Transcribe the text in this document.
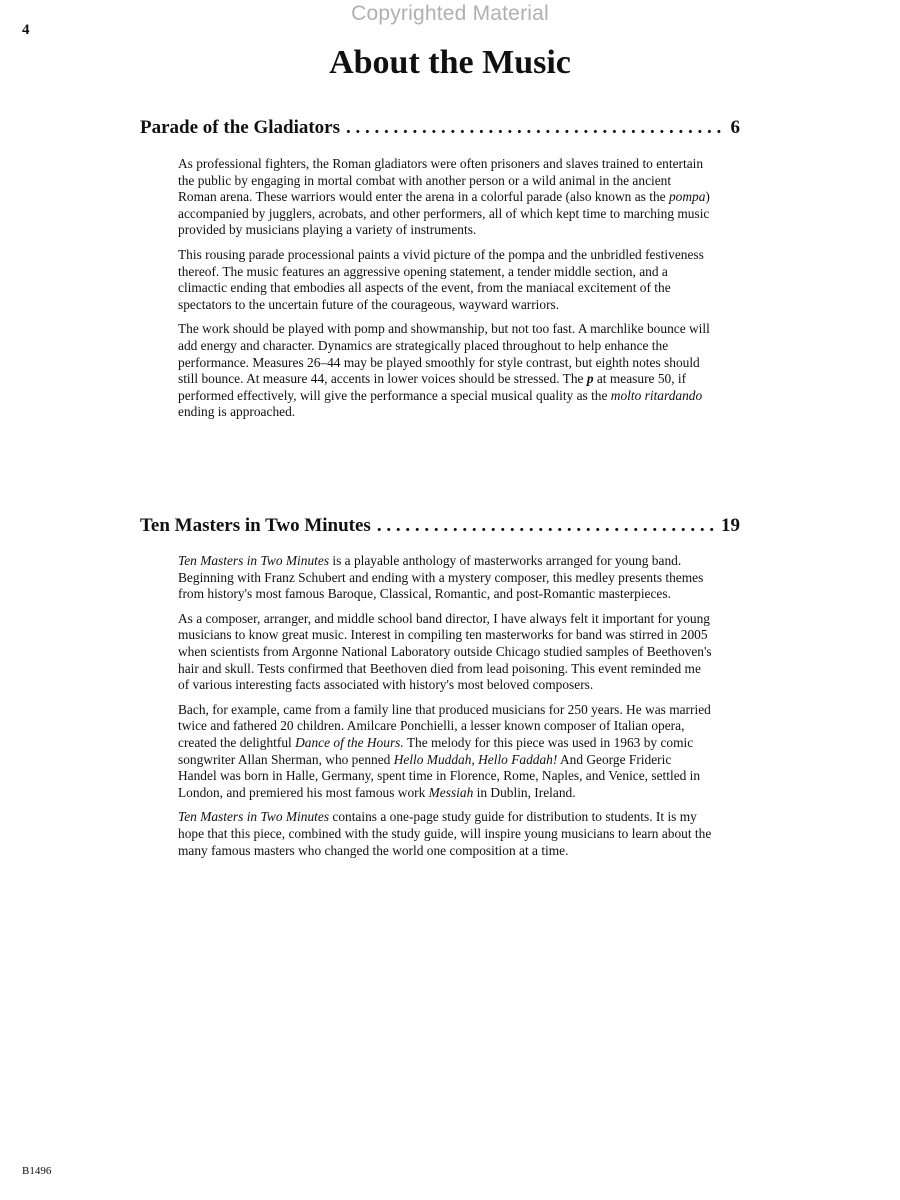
Copyrighted Material
4
About the Music
Parade of the Gladiators . . .	6

As professional fighters, the Roman gladiators were often prisoners and slaves trained to entertain the public by engaging in mortal combat with another person or a wild animal in the ancient Roman arena. These warriors would enter the arena in a colorful parade (also known as the pompa) accompanied by jugglers, acrobats, and other performers, all of which kept time to marching music provided by musicians playing a variety of instruments.

This rousing parade processional paints a vivid picture of the pompa and the unbridled festiveness thereof. The music features an aggressive opening statement, a tender middle section, and a climactic ending that embodies all aspects of the event, from the maniacal excitement of the spectators to the uncertain future of the courageous, wayward warriors.

The work should be played with pomp and showmanship, but not too fast. A marchlike bounce will add energy and character. Dynamics are strategically placed throughout to help enhance the performance. Measures 26–44 may be played smoothly for style contrast, but eighth notes should still bounce. At measure 44, accents in lower voices should be stressed. The p at measure 50, if performed effectively, will give the performance a special musical quality as the molto ritardando ending is approached.

Ten Masters in Two Minutes . . .	19

Ten Masters in Two Minutes is a playable anthology of masterworks arranged for young band. Beginning with Franz Schubert and ending with a mystery composer, this medley presents themes from history's most famous Baroque, Classical, Romantic, and post-Romantic masterpieces.

As a composer, arranger, and middle school band director, I have always felt it important for young musicians to know great music. Interest in compiling ten masterworks for band was stirred in 2005 when scientists from Argonne National Laboratory outside Chicago studied samples of Beethoven's hair and skull. Tests confirmed that Beethoven died from lead poisoning. This event reminded me of various interesting facts associated with history's most beloved composers.

Bach, for example, came from a family line that produced musicians for 250 years. He was married twice and fathered 20 children. Amilcare Ponchielli, a lesser known composer of Italian opera, created the delightful Dance of the Hours. The melody for this piece was used in 1963 by comic songwriter Allan Sherman, who penned Hello Muddah, Hello Faddah! And George Frideric Handel was born in Halle, Germany, spent time in Florence, Rome, Naples, and Venice, settled in London, and premiered his most famous work Messiah in Dublin, Ireland.

Ten Masters in Two Minutes contains a one-page study guide for distribution to students. It is my hope that this piece, combined with the study guide, will inspire young musicians to learn about the many famous masters who changed the world one composition at a time.

B1496
